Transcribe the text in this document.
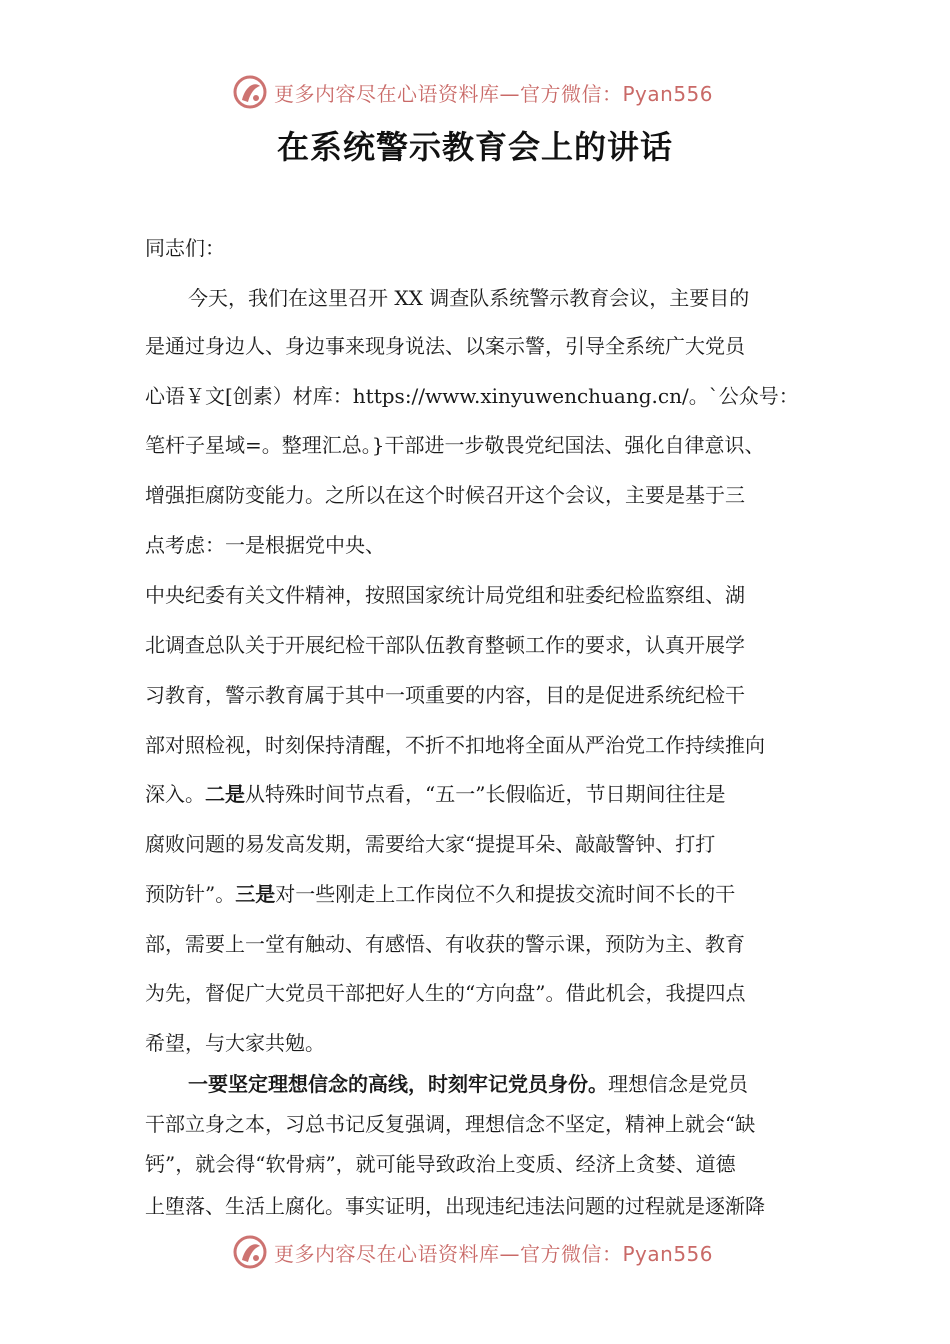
更多内容尽在心语资料库—官方微信：Pyan556
在系统警示教育会上的讲话
同志们：
今天，我们在这里召开 XX 调查队系统警示教育会议，主要目的
是通过身边人、身边事来现身说法、以案示警，引导全系统广大党员
心语￥文[创素）材库：https://www.xinyuwenchuang.cn/。`公众号：
笔杆子星域=。整理汇总。}干部进一步敬畏党纪国法、强化自律意识、
增强拒腐防变能力。之所以在这个时候召开这个会议，主要是基于三
点考虑：一是根据党中央、
中央纪委有关文件精神，按照国家统计局党组和驻委纪检监察组、湖
北调查总队关于开展纪检干部队伍教育整顿工作的要求，认真开展学
习教育，警示教育属于其中一项重要的内容，目的是促进系统纪检干
部对照检视，时刻保持清醒，不折不扣地将全面从严治党工作持续推向
深入。二是从特殊时间节点看，“五一”长假临近，节日期间往往是
腐败问题的易发高发期，需要给大家“提提耳朵、敲敲警钟、打打
预防针”。三是对一些刚走上工作岗位不久和提拔交流时间不长的干
部，需要上一堂有触动、有感悟、有收获的警示课，预防为主、教育
为先，督促广大党员干部把好人生的“方向盘”。借此机会，我提四点
希望，与大家共勉。
一要坚定理想信念的高线，时刻牢记党员身份。理想信念是党员
干部立身之本，习总书记反复强调，理想信念不坚定，精神上就会“缺
钙”，就会得“软骨病”，就可能导致政治上变质、经济上贪婪、道德
上堕落、生活上腐化。事实证明，出现违纪违法问题的过程就是逐渐降
更多内容尽在心语资料库—官方微信：Pyan556
